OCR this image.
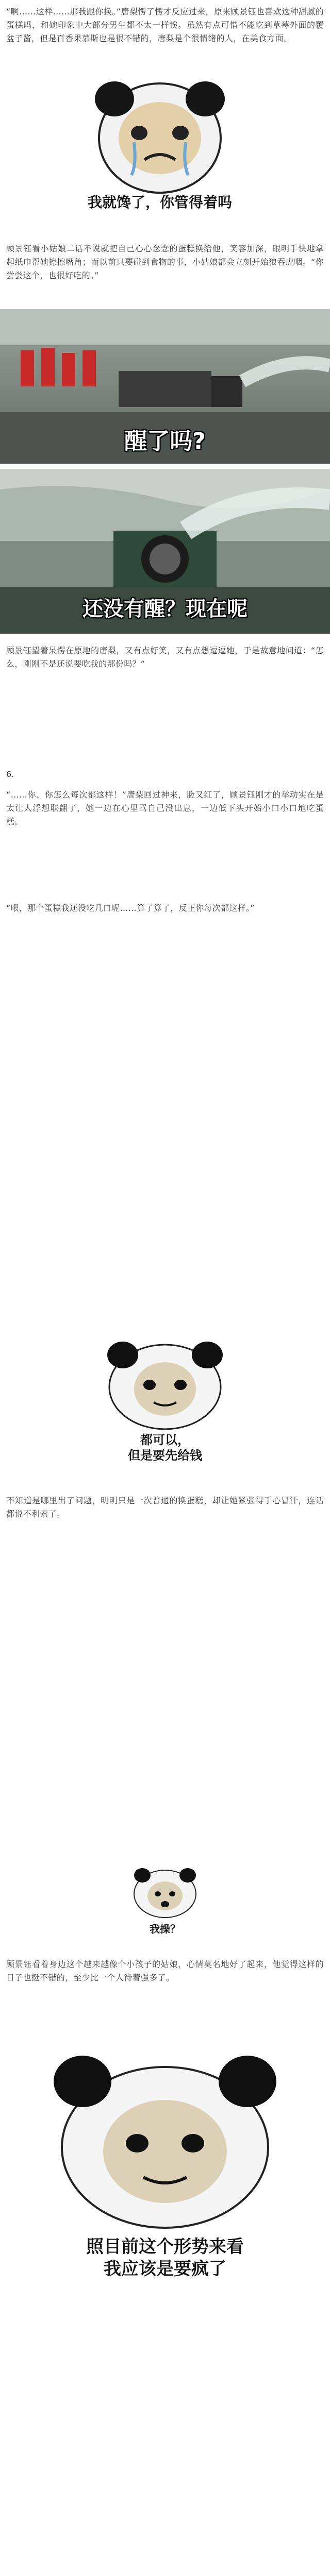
“啊……这样……那我跟你换。”唐梨愣了愣才反应过来，原来顾景钰也喜欢这种甜腻的蛋糕吗，和她印象中大部分男生都不太一样诶。虽然有点可惜不能吃到草莓外面的覆盆子酱，但是百香果慕斯也是很不错的，唐梨是个很情绪的人，在美食方面。

我就馋了，你管得着吗

顾景钰看小姑娘二话不说就把自己心心念念的蛋糕换给他，笑容加深，眼明手快地拿起纸巾帮她擦擦嘴角；而以前只要碰到食物的事，小姑娘都会立刻开始狼吞虎咽。“你尝尝这个，也很好吃的。”

醒了吗?
还没有醒？现在呢

顾景钰望着呆愣在原地的唐梨，又有点好笑，又有点想逗逗她，于是故意地问道：“怎么，刚刚不是还说要吃我的那份吗？”

6.

“……你、你怎么每次都这样！”唐梨回过神来，脸又红了，顾景钰刚才的举动实在是太让人浮想联翩了，她一边在心里骂自己没出息，一边低下头开始小口小口地吃蛋糕。

“喂，那个蛋糕我还没吃几口呢……算了算了，反正你每次都这样。”

都可以，
但是要先给钱

不知道是哪里出了问题，明明只是一次普通的换蛋糕，却让她紧张得手心冒汗，连话都说不利索了。

我操？

顾景钰看着身边这个越来越像个小孩子的姑娘，心情莫名地好了起来，他觉得这样的日子也挺不错的，至少比一个人待着强多了。

照目前这个形势来看
我应该是要疯了
